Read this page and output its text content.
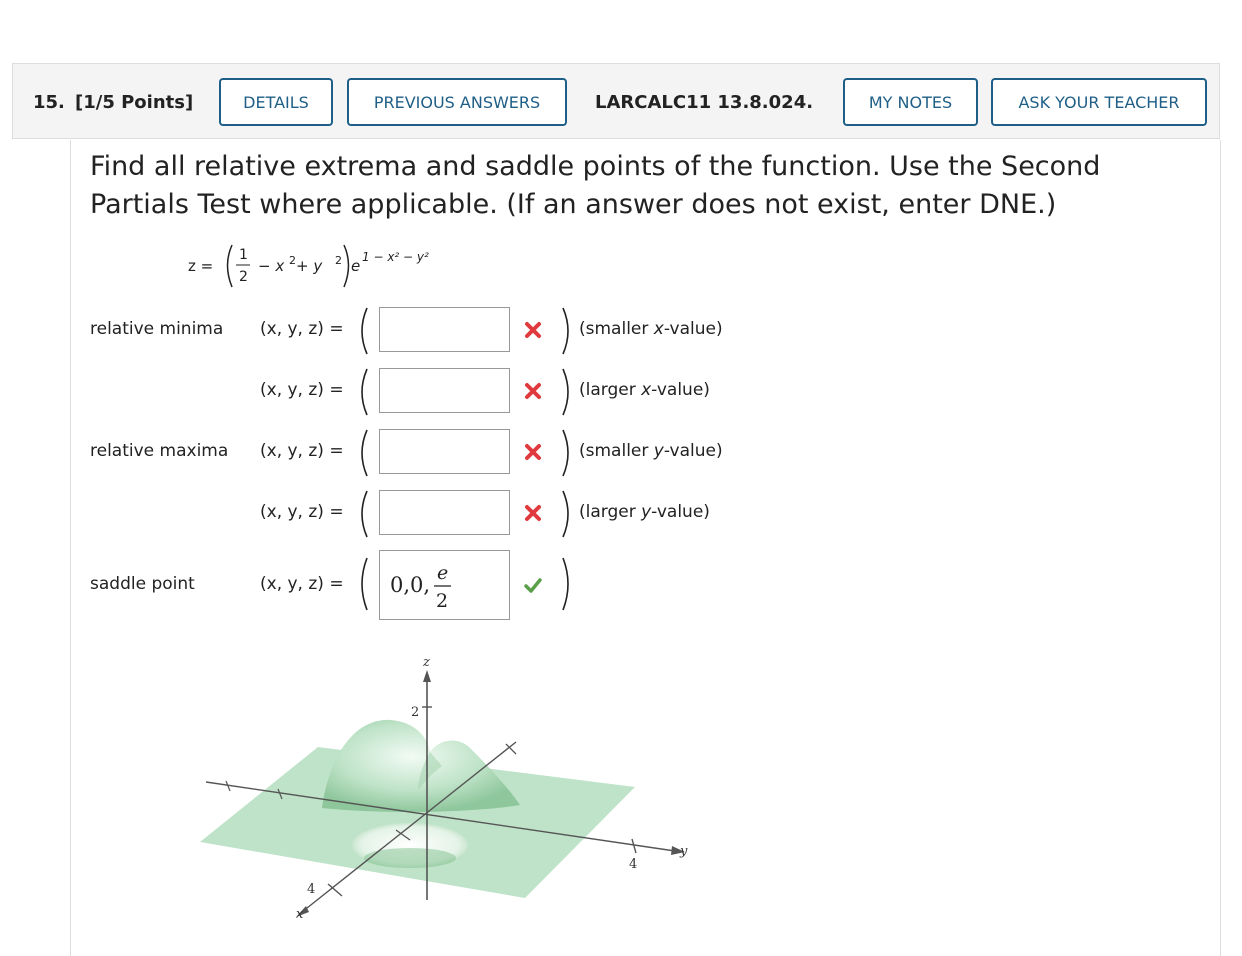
15. [1/5 Points]	DETAILS	PREVIOUS ANSWERS	LARCALC11 13.8.024.	MY NOTES	ASK YOUR TEACHER
Find all relative extrema and saddle points of the function. Use the Second
Partials Test where applicable. (If an answer does not exist, enter DNE.)
z =
1
2
− x 2 + y 2 e 1 − x² − y²
relative minima (x, y, z) =	(smaller x-value)
(x, y, z) =	(larger x-value)
relative maxima (x, y, z) =	(smaller y-value)
(x, y, z) =	(larger y-value)
saddle point	(x, y, z) = 0,0, e
2
z
2
y
4
x
4
